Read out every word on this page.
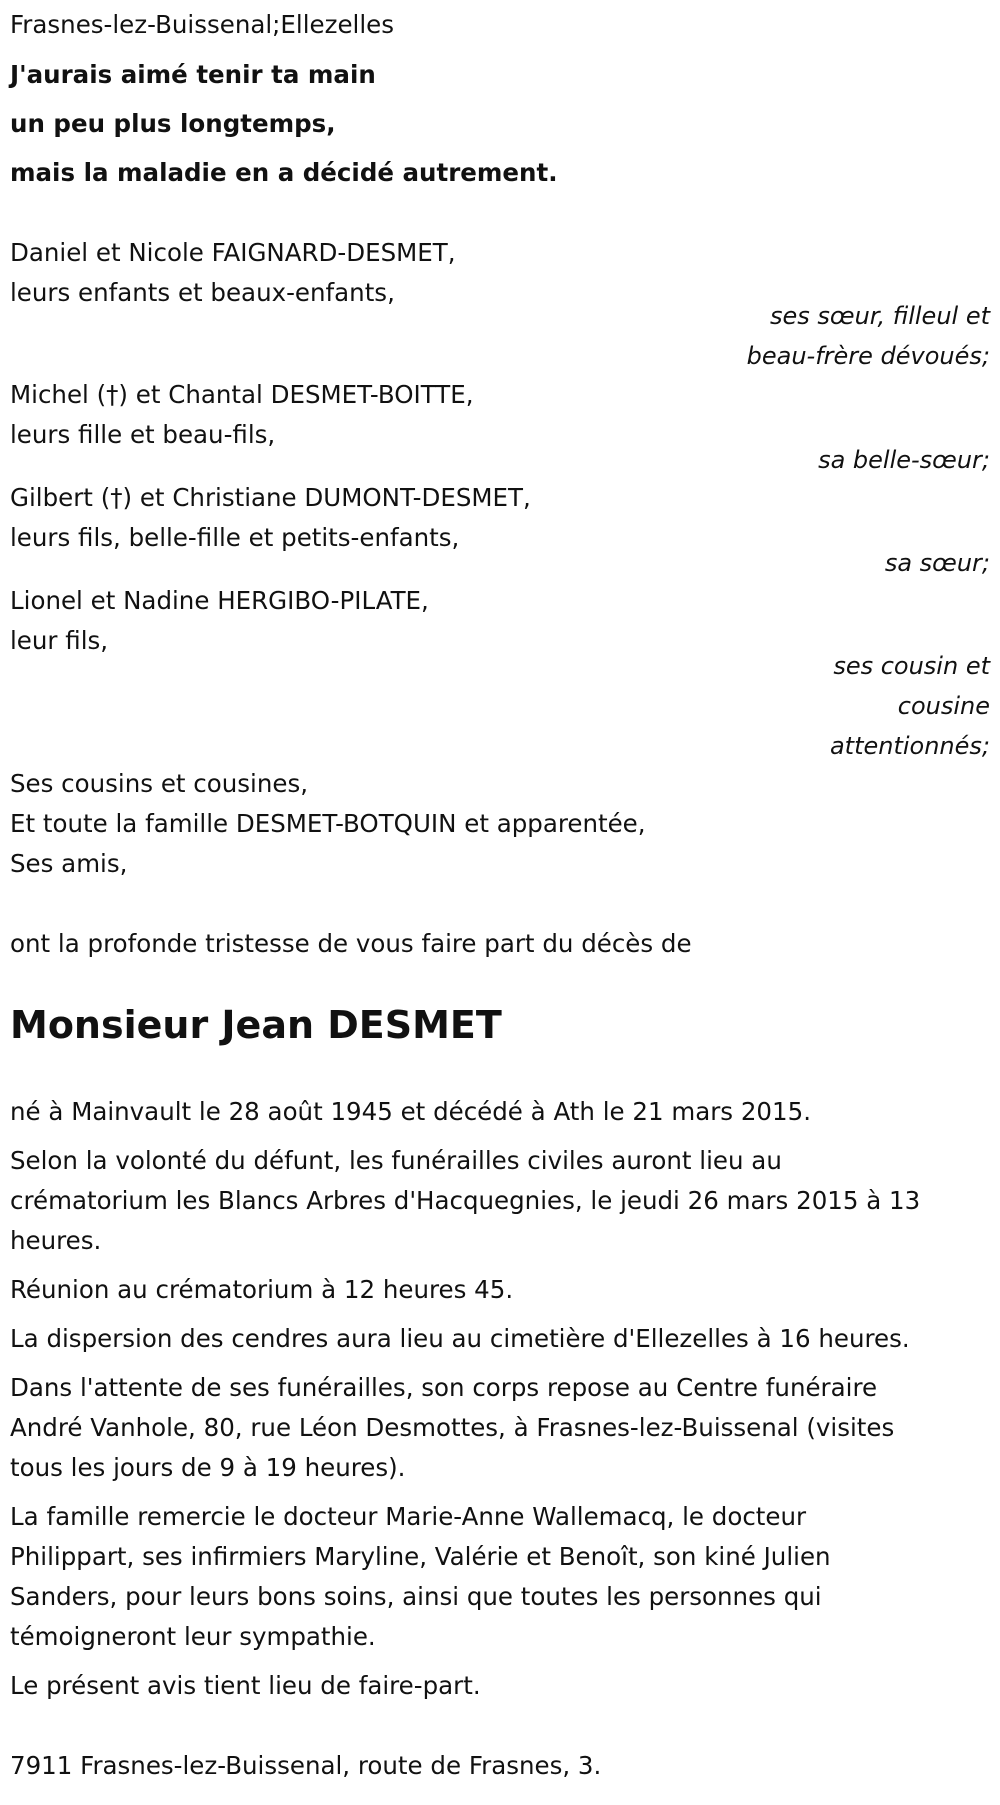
Frasnes-lez-Buissenal;Ellezelles
J'aurais aimé tenir ta main
un peu plus longtemps,
mais la maladie en a décidé autrement.
Daniel et Nicole FAIGNARD-DESMET,
leurs enfants et beaux-enfants,
ses sœur, filleul et
beau-frère dévoués;
Michel (†) et Chantal DESMET-BOITTE,
leurs fille et beau-fils,
sa belle-sœur;
Gilbert (†) et Christiane DUMONT-DESMET,
leurs fils, belle-fille et petits-enfants,
sa sœur;
Lionel et Nadine HERGIBO-PILATE,
leur fils,
ses cousin et
cousine
attentionnés;
Ses cousins et cousines,
Et toute la famille DESMET-BOTQUIN et apparentée,
Ses amis,
ont la profonde tristesse de vous faire part du décès de
Monsieur Jean DESMET
né à Mainvault le 28 août 1945 et décédé à Ath le 21 mars 2015.
Selon la volonté du défunt, les funérailles civiles auront lieu au
crématorium les Blancs Arbres d'Hacquegnies, le jeudi 26 mars 2015 à 13
heures.
Réunion au crématorium à 12 heures 45.
La dispersion des cendres aura lieu au cimetière d'Ellezelles à 16 heures.
Dans l'attente de ses funérailles, son corps repose au Centre funéraire
André Vanhole, 80, rue Léon Desmottes, à Frasnes-lez-Buissenal (visites
tous les jours de 9 à 19 heures).
La famille remercie le docteur Marie-Anne Wallemacq, le docteur
Philippart, ses infirmiers Maryline, Valérie et Benoît, son kiné Julien
Sanders, pour leurs bons soins, ainsi que toutes les personnes qui
témoigneront leur sympathie.
Le présent avis tient lieu de faire-part.
7911 Frasnes-lez-Buissenal, route de Frasnes, 3.
